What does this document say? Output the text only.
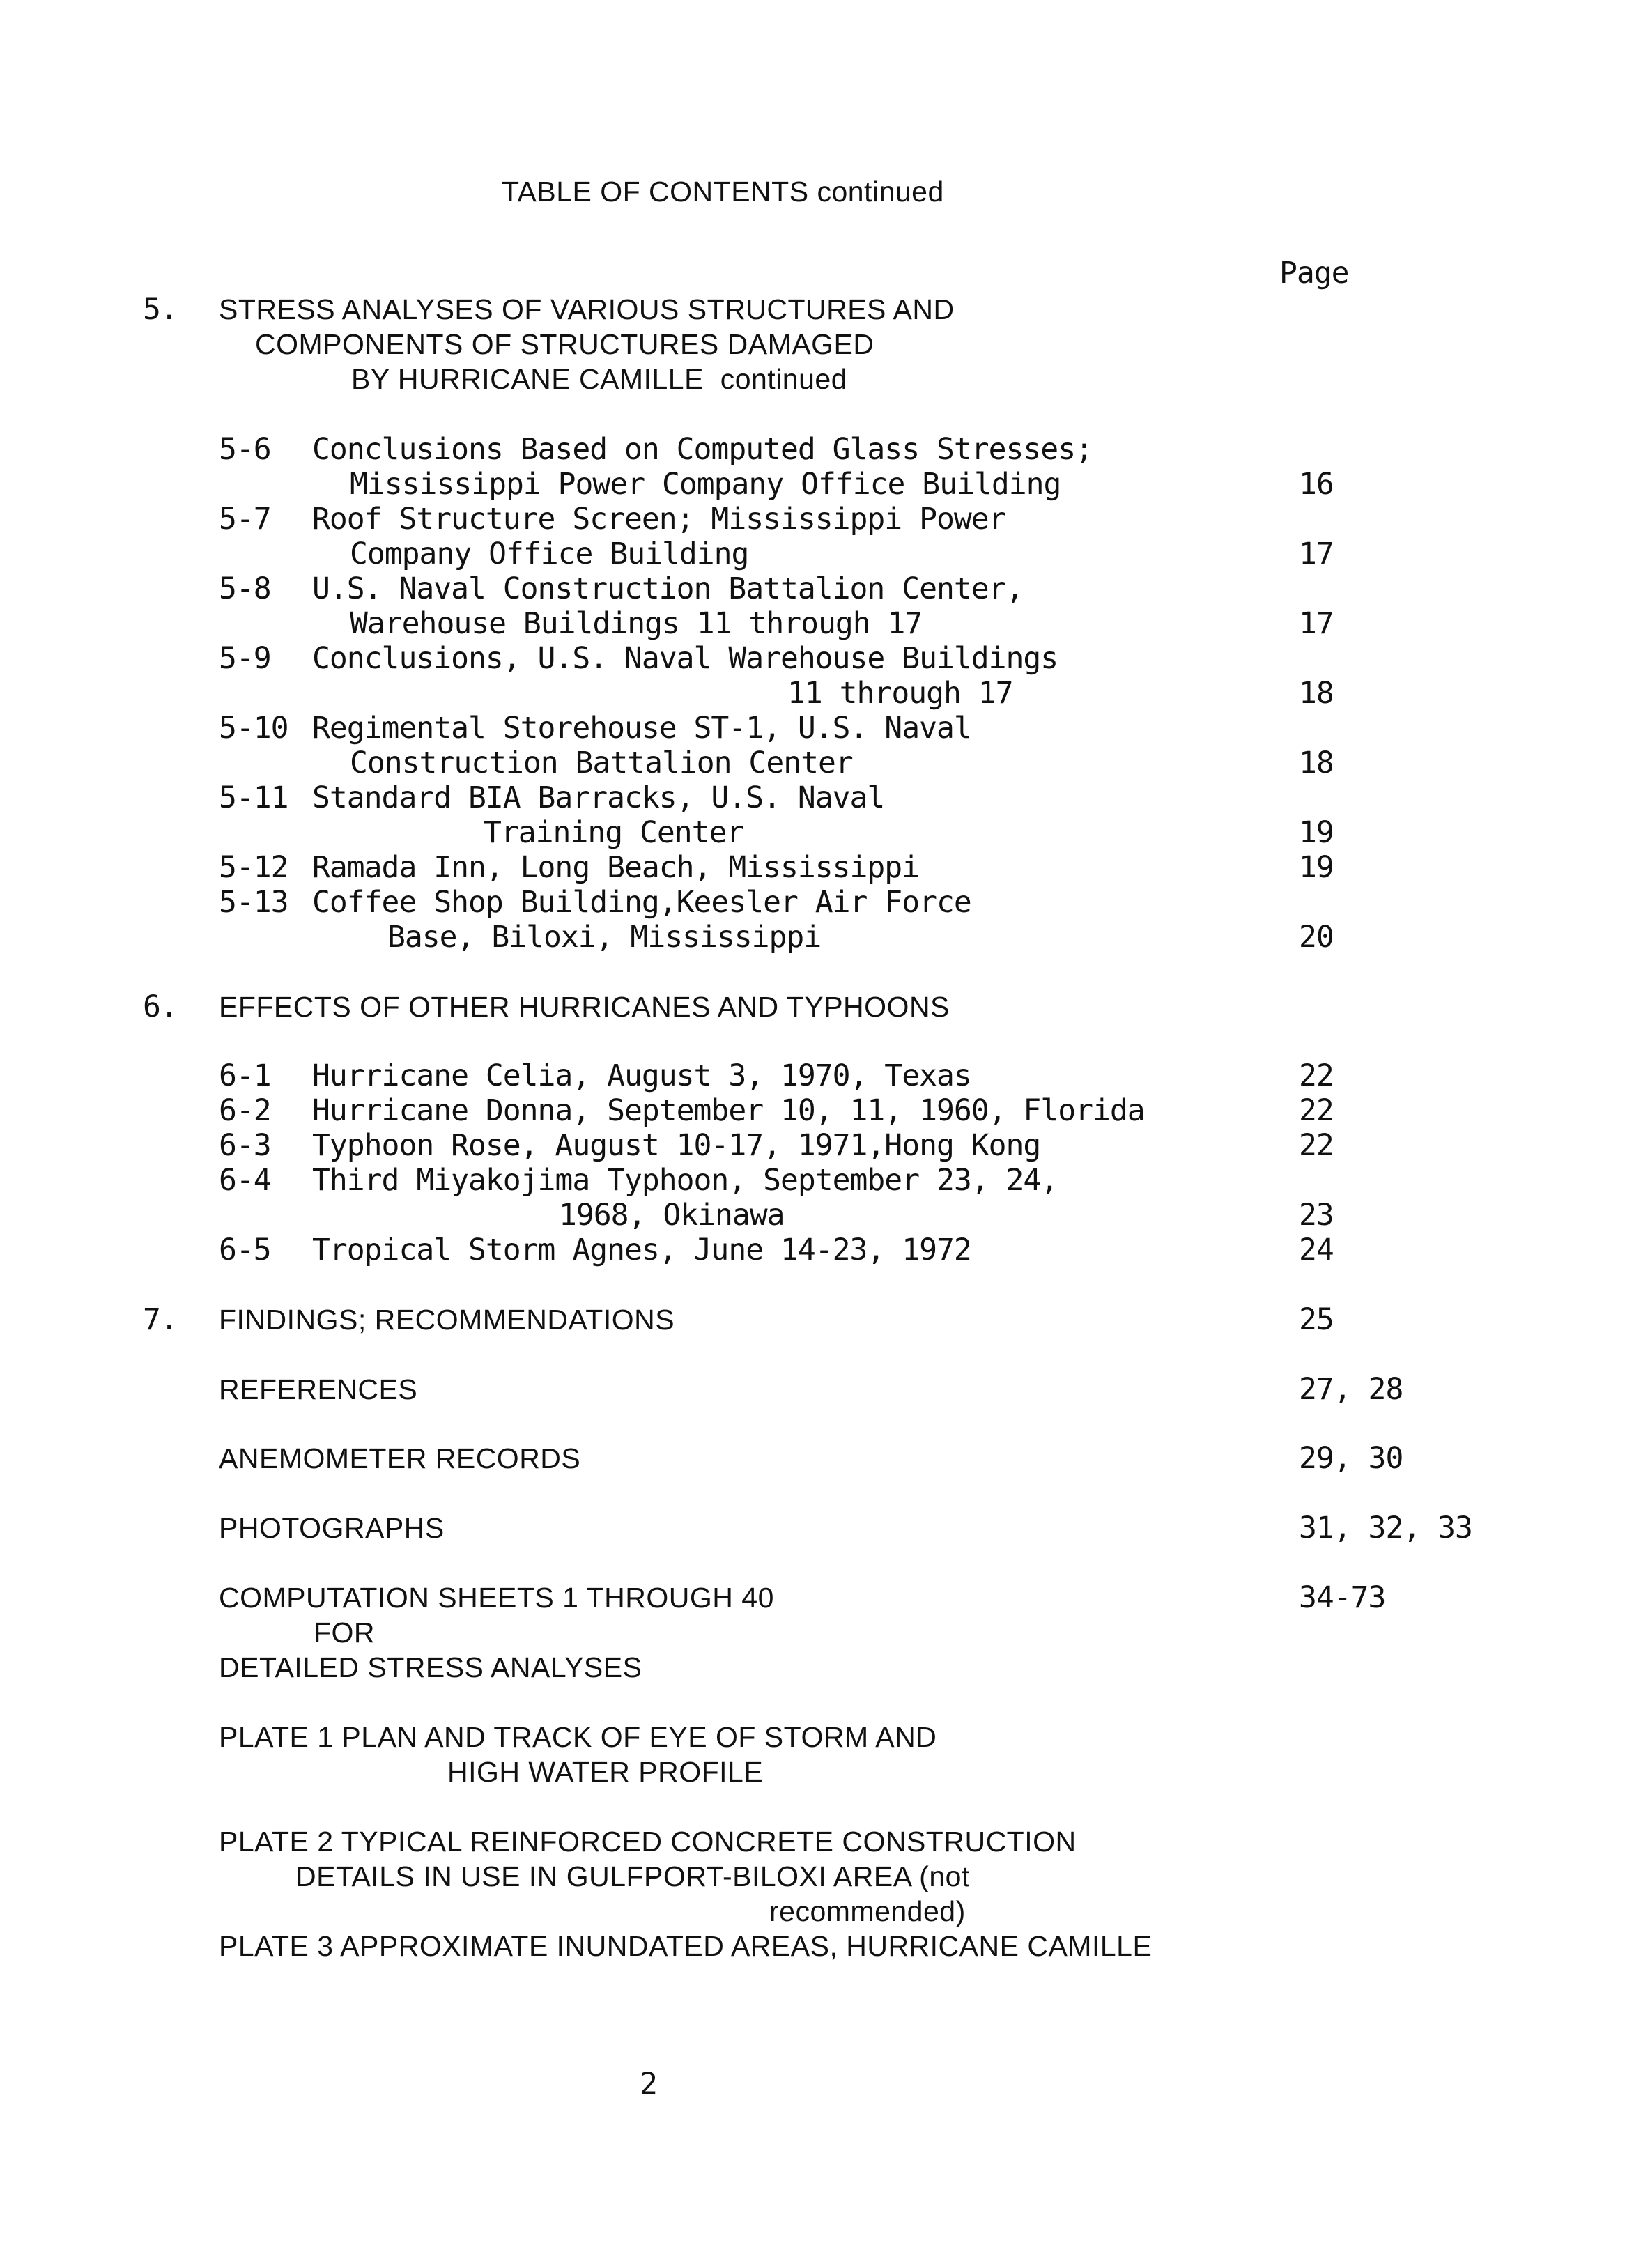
TABLE OF CONTENTS continued
Page
5. STRESS ANALYSES OF VARIOUS STRUCTURES AND
COMPONENTS OF STRUCTURES DAMAGED
BY HURRICANE CAMILLE  continued
5-6 Conclusions Based on Computed Glass Stresses;
Mississippi Power Company Office Building	16
5-7 Roof Structure Screen; Mississippi Power
Company Office Building	17
5-8 U.S. Naval Construction Battalion Center,
Warehouse Buildings 11 through 17	17
5-9 Conclusions, U.S. Naval Warehouse Buildings
11 through 17	18
5-10 Regimental Storehouse ST-1, U.S. Naval
Construction Battalion Center	18
5-11 Standard BIA Barracks, U.S. Naval
Training Center	19
5-12 Ramada Inn, Long Beach, Mississippi	19
5-13 Coffee Shop Building,Keesler Air Force
Base, Biloxi, Mississippi	20
6. EFFECTS OF OTHER HURRICANES AND TYPHOONS
6-1 Hurricane Celia, August 3, 1970, Texas	22
6-2 Hurricane Donna, September 10, 11, 1960, Florida	22
6-3 Typhoon Rose, August 10-17, 1971,Hong Kong	22
6-4 Third Miyakojima Typhoon, September 23, 24,
1968, Okinawa	23
6-5 Tropical Storm Agnes, June 14-23, 1972	24
7. FINDINGS; RECOMMENDATIONS	25
REFERENCES	27, 28
ANEMOMETER RECORDS	29, 30
PHOTOGRAPHS	31, 32, 33
COMPUTATION SHEETS 1 THROUGH 40	34-73
FOR
DETAILED STRESS ANALYSES
PLATE 1 PLAN AND TRACK OF EYE OF STORM AND
HIGH WATER PROFILE
PLATE 2 TYPICAL REINFORCED CONCRETE CONSTRUCTION
DETAILS IN USE IN GULFPORT-BILOXI AREA (not
recommended)
PLATE 3 APPROXIMATE INUNDATED AREAS, HURRICANE CAMILLE
2
